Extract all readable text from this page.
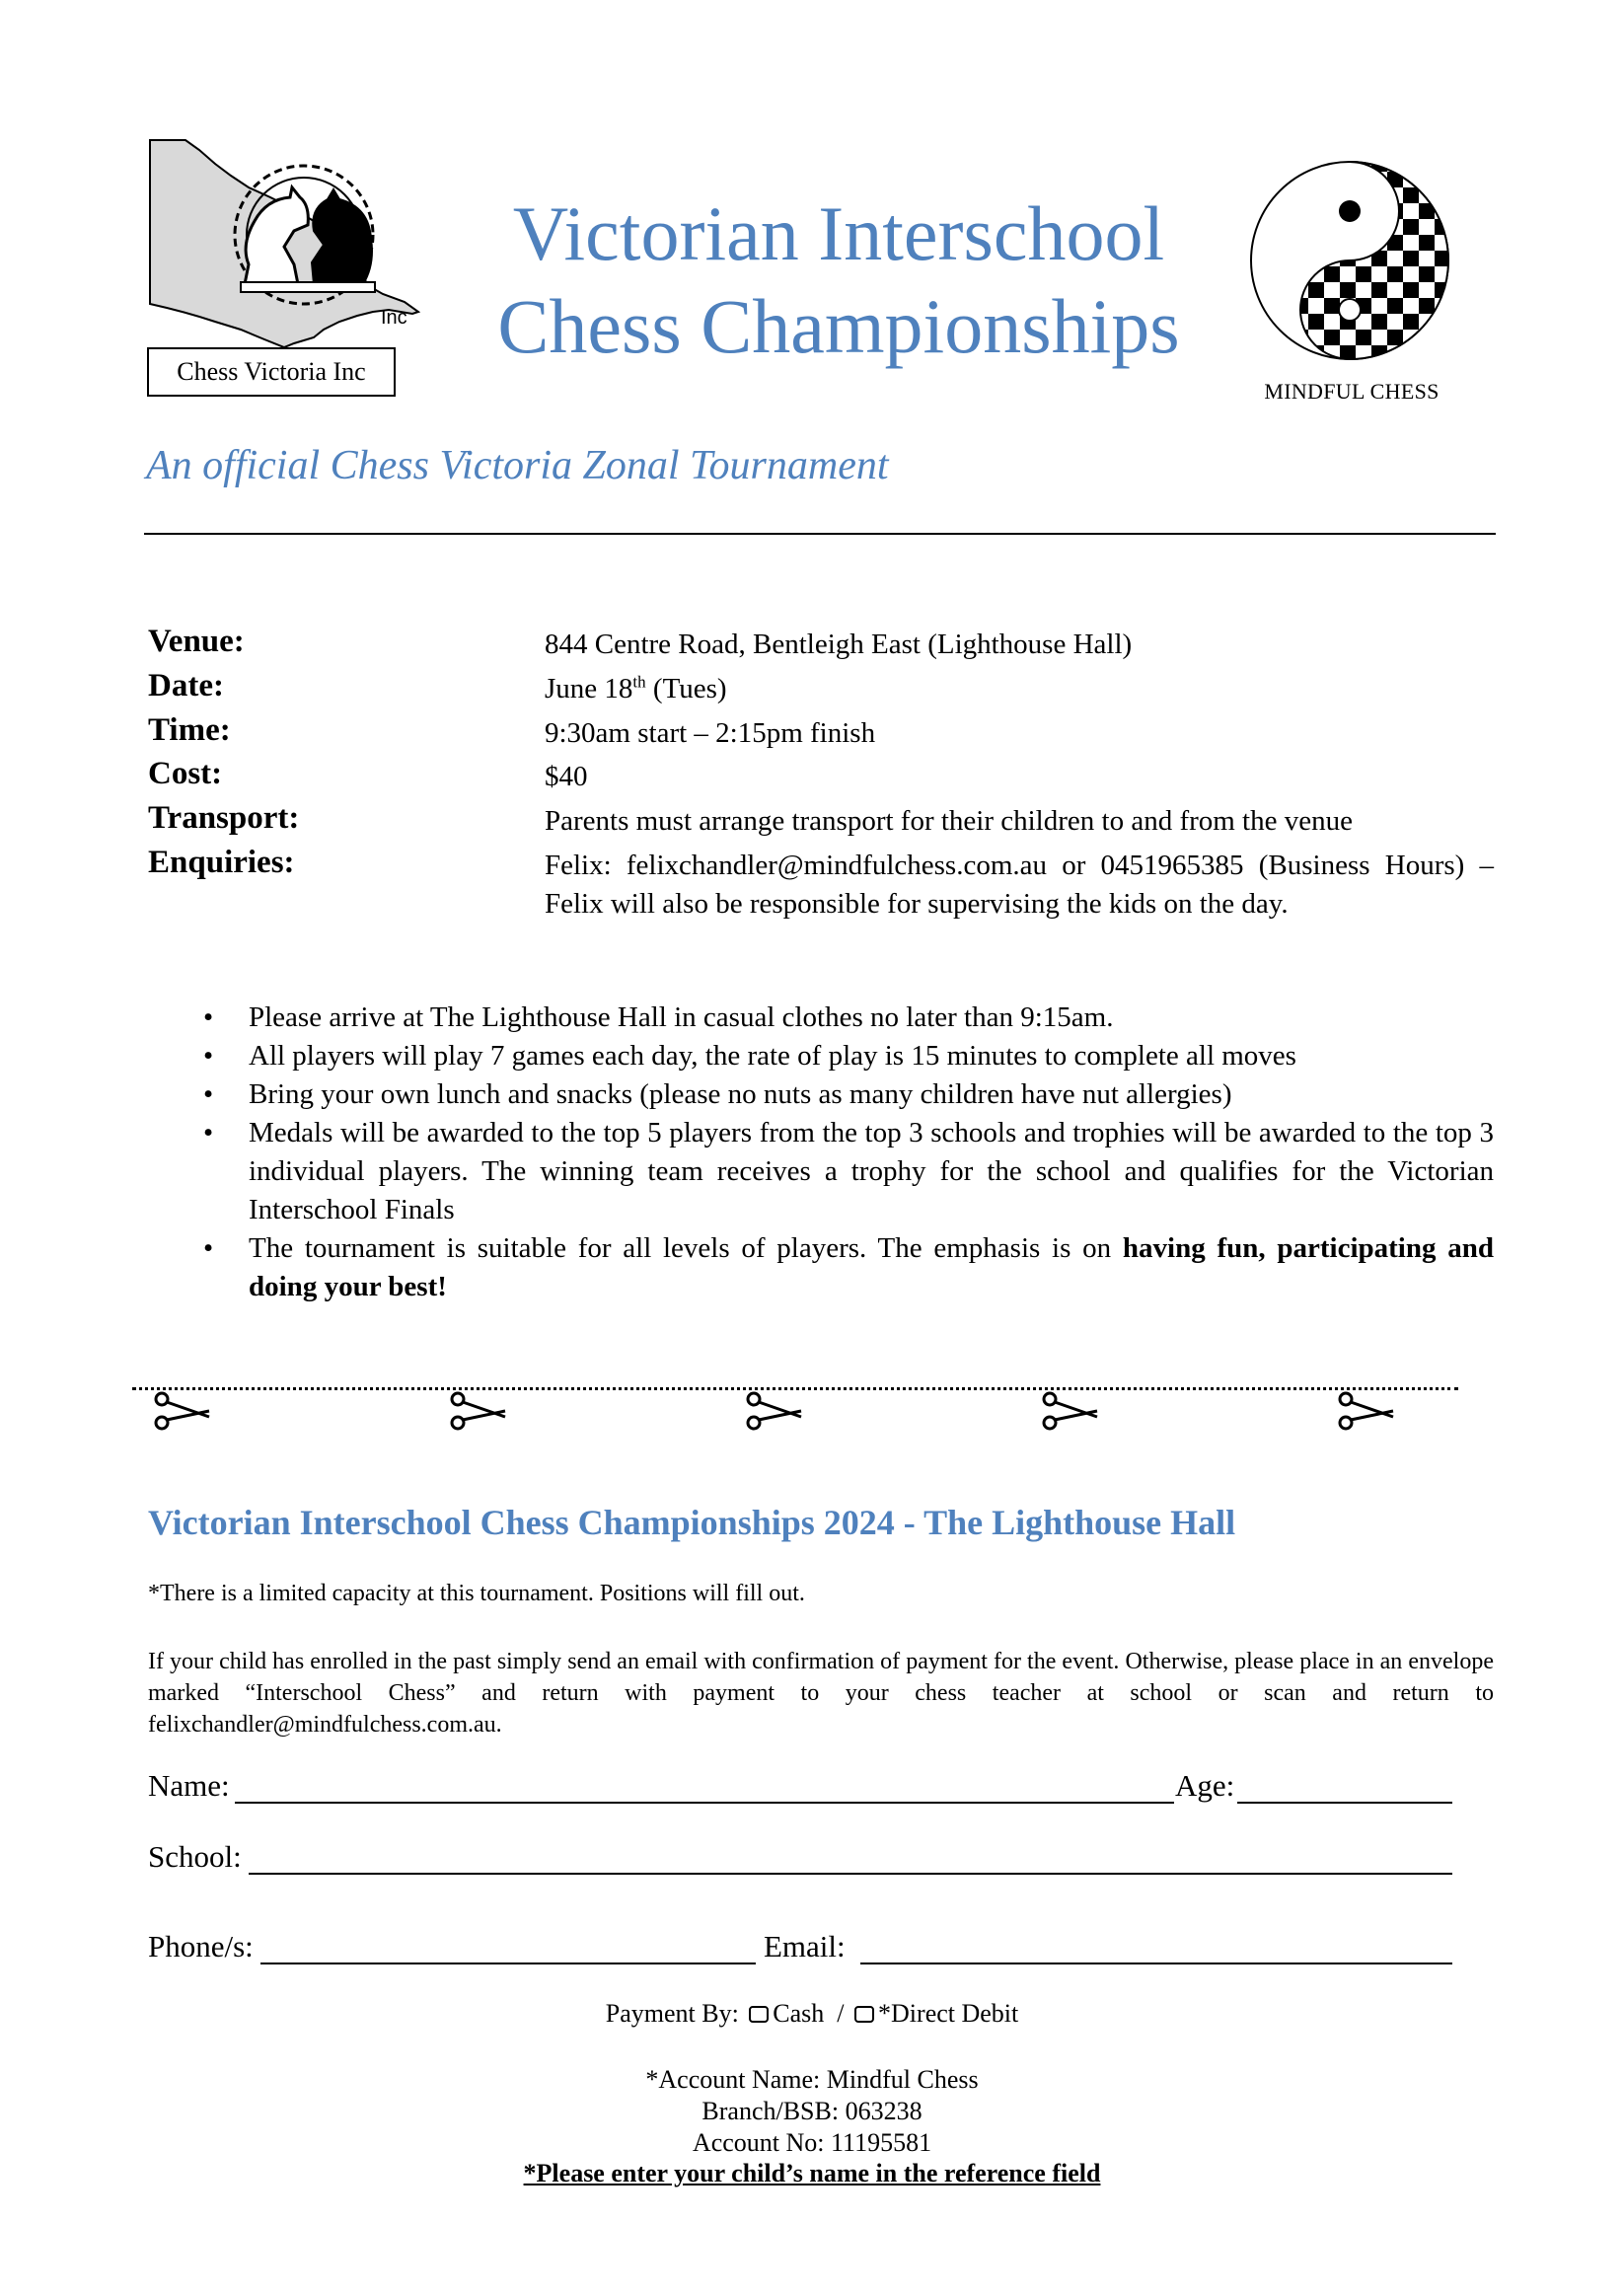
Inc
Chess Victoria Inc
Victorian Interschool
Chess Championships
MINDFUL CHESS
An official Chess Victoria Zonal Tournament
Venue:	844 Centre Road, Bentleigh East (Lighthouse Hall)
Date:	June 18th (Tues)
Time:	9:30am start – 2:15pm finish
Cost:	$40
Transport:	Parents must arrange transport for their children to and from the venue
Enquiries:	Felix: felixchandler@mindfulchess.com.au or 0451965385 (Business Hours) – Felix will also be responsible for supervising the kids on the day.
• Please arrive at The Lighthouse Hall in casual clothes no later than 9:15am.
• All players will play 7 games each day, the rate of play is 15 minutes to complete all moves
• Bring your own lunch and snacks (please no nuts as many children have nut allergies)
• Medals will be awarded to the top 5 players from the top 3 schools and trophies will be awarded to the top 3 individual players. The winning team receives a trophy for the school and qualifies for the Victorian Interschool Finals
• The tournament is suitable for all levels of players. The emphasis is on having fun, participating and doing your best!
Victorian Interschool Chess Championships 2024 - The Lighthouse Hall
*There is a limited capacity at this tournament. Positions will fill out.
If your child has enrolled in the past simply send an email with confirmation of payment for the event. Otherwise, please place in an envelope marked “Interschool Chess” and return with payment to your chess teacher at school or scan and return to felixchandler@mindfulchess.com.au.
Name:	Age:
School:
Phone/s:	Email:
Payment By: Cash / *Direct Debit
*Account Name: Mindful Chess
Branch/BSB: 063238
Account No: 11195581
*Please enter your child’s name in the reference field
